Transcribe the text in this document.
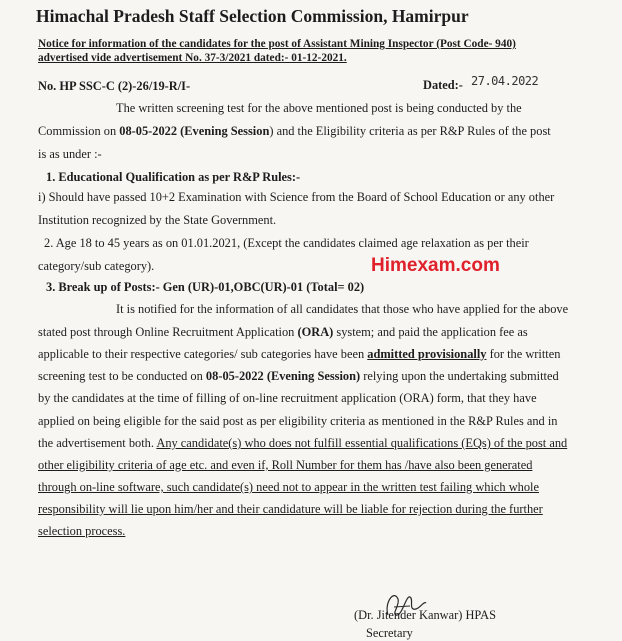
Himachal Pradesh Staff Selection Commission, Hamirpur
Notice for information of the candidates for the post of Assistant Mining Inspector (Post Code- 940)
advertised vide advertisement No. 37-3/2021 dated:- 01-12-2021.
No. HP SSC-C (2)-26/19-R/I-	Dated:- 27.04.2022
The written screening test for the above mentioned post is being conducted by the
Commission on 08-05-2022 (Evening Session) and the Eligibility criteria as per R&P Rules of the post
is as under :-
1. Educational Qualification as per R&P Rules:-
i) Should have passed 10+2 Examination with Science from the Board of School Education or any other
Institution recognized by the State Government.
2. Age 18 to 45 years as on 01.01.2021, (Except the candidates claimed age relaxation as per their
category/sub category).	Himexam.com
3. Break up of Posts:- Gen (UR)-01,OBC(UR)-01 (Total= 02)
It is notified for the information of all candidates that those who have applied for the above
stated post through Online Recruitment Application (ORA) system; and paid the application fee as
applicable to their respective categories/ sub categories have been admitted provisionally for the written
screening test to be conducted on 08-05-2022 (Evening Session) relying upon the undertaking submitted
by the candidates at the time of filling of on-line recruitment application (ORA) form, that they have
applied on being eligible for the said post as per eligibility criteria as mentioned in the R&P Rules and in
the advertisement both. Any candidate(s) who does not fulfill essential qualifications (EQs) of the post and
other eligibility criteria of age etc. and even if, Roll Number for them has /have also been generated
through on-line software, such candidate(s) need not to appear in the written test failing which whole
responsibility will lie upon him/her and their candidature will be liable for rejection during the further
selection process.
(Dr. Jitender Kanwar) HPAS
Secretary
